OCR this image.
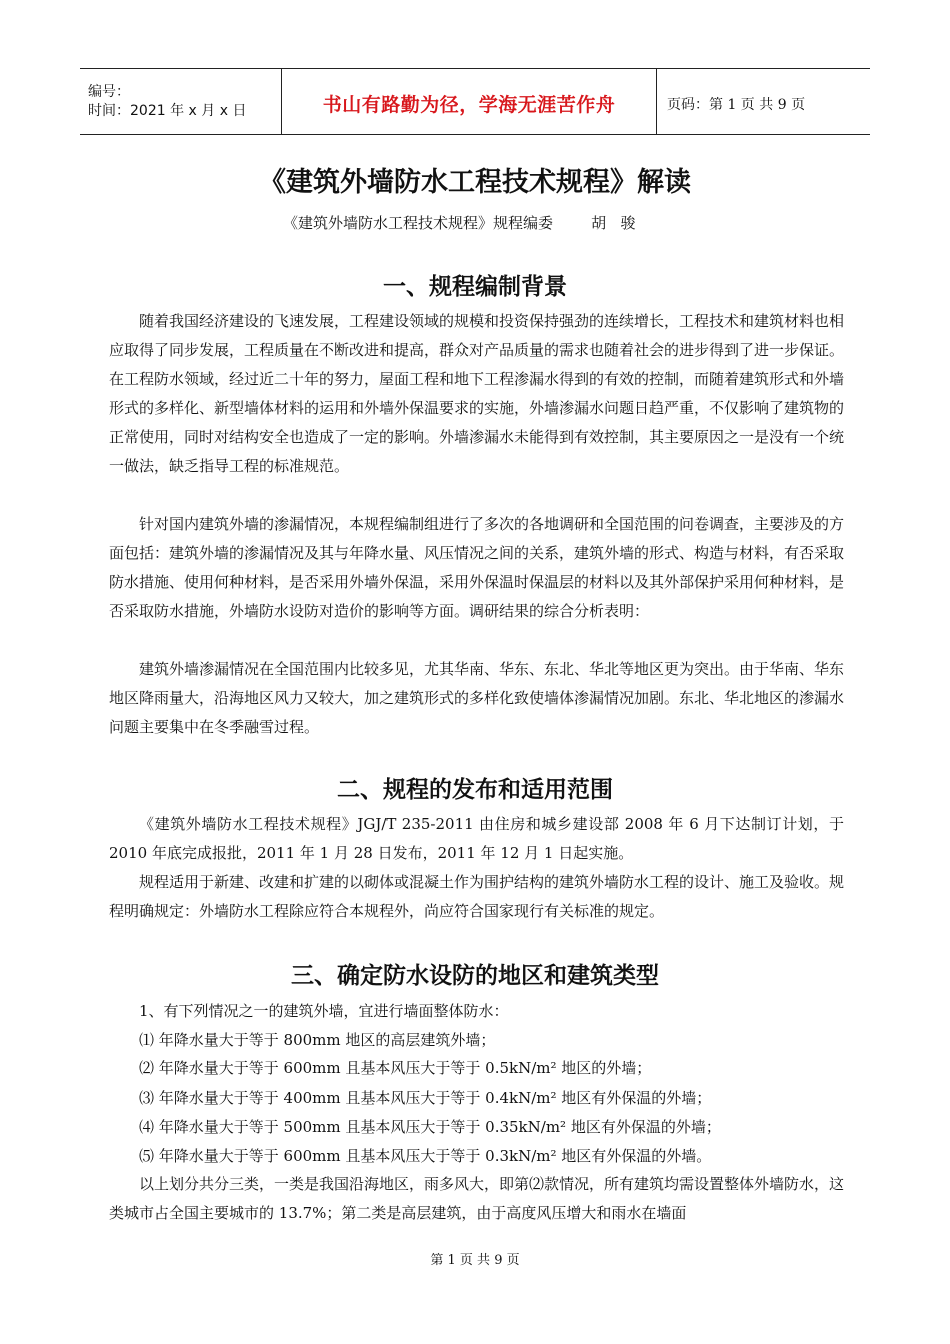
编号：
时间：2021 年 x 月 x 日	书山有路勤为径，学海无涯苦作舟	页码：第 1 页 共 9 页
《建筑外墙防水工程技术规程》解读
《建筑外墙防水工程技术规程》规程编委        胡   骏
一、规程编制背景

随着我国经济建设的飞速发展，工程建设领域的规模和投资保持强劲的连续增长，工程技术和建筑材料也相应取得了同步发展，工程质量在不断改进和提高，群众对产品质量的需求也随着社会的进步得到了进一步保证。在工程防水领域，经过近二十年的努力，屋面工程和地下工程渗漏水得到的有效的控制，而随着建筑形式和外墙形式的多样化、新型墙体材料的运用和外墙外保温要求的实施，外墙渗漏水问题日趋严重，不仅影响了建筑物的正常使用，同时对结构安全也造成了一定的影响。外墙渗漏水未能得到有效控制，其主要原因之一是没有一个统一做法，缺乏指导工程的标准规范。

针对国内建筑外墙的渗漏情况，本规程编制组进行了多次的各地调研和全国范围的问卷调查，主要涉及的方面包括：建筑外墙的渗漏情况及其与年降水量、风压情况之间的关系，建筑外墙的形式、构造与材料，有否采取防水措施、使用何种材料，是否采用外墙外保温，采用外保温时保温层的材料以及其外部保护采用何种材料，是否采取防水措施，外墙防水设防对造价的影响等方面。调研结果的综合分析表明：

建筑外墙渗漏情况在全国范围内比较多见，尤其华南、华东、东北、华北等地区更为突出。由于华南、华东地区降雨量大，沿海地区风力又较大，加之建筑形式的多样化致使墙体渗漏情况加剧。东北、华北地区的渗漏水问题主要集中在冬季融雪过程。

二、规程的发布和适用范围

《建筑外墙防水工程技术规程》JGJ/T 235-2011 由住房和城乡建设部 2008 年 6 月下达制订计划，于 2010 年底完成报批，2011 年 1 月 28 日发布，2011 年 12 月 1 日起实施。

规程适用于新建、改建和扩建的以砌体或混凝土作为围护结构的建筑外墙防水工程的设计、施工及验收。规程明确规定：外墙防水工程除应符合本规程外，尚应符合国家现行有关标准的规定。

三、确定防水设防的地区和建筑类型
1、有下列情况之一的建筑外墙，宜进行墙面整体防水：
⑴ 年降水量大于等于 800mm 地区的高层建筑外墙；
⑵ 年降水量大于等于 600mm 且基本风压大于等于 0.5kN/m² 地区的外墙；
⑶ 年降水量大于等于 400mm 且基本风压大于等于 0.4kN/m² 地区有外保温的外墙；
⑷ 年降水量大于等于 500mm 且基本风压大于等于 0.35kN/m² 地区有外保温的外墙；
⑸ 年降水量大于等于 600mm 且基本风压大于等于 0.3kN/m² 地区有外保温的外墙。

以上划分共分三类，一类是我国沿海地区，雨多风大，即第⑵款情况，所有建筑均需设置整体外墙防水，这类城市占全国主要城市的 13.7%；第二类是高层建筑，由于高度风压增大和雨水在墙面

第 1 页 共 9 页
